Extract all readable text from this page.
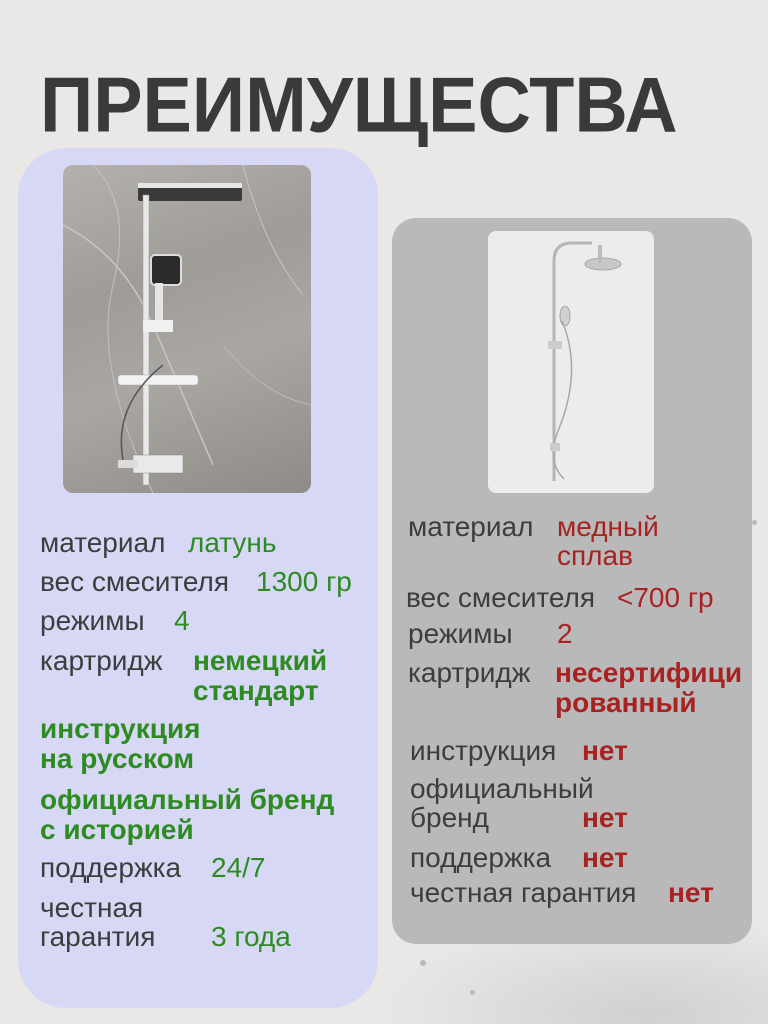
ПРЕИМУЩЕСТВА
материал латунь
вес смесителя 1300 гр
режимы 4
картридж немецкий
стандарт
инструкция
на русском
официальный бренд
с историей
поддержка 24/7
честная
гарантия 3 года
материал медный
сплав
вес смесителя <700 гр
режимы 2
картридж несертифици
рованный
инструкция нет
официальный
бренд	нет
поддержка нет
честная гарантия нет
